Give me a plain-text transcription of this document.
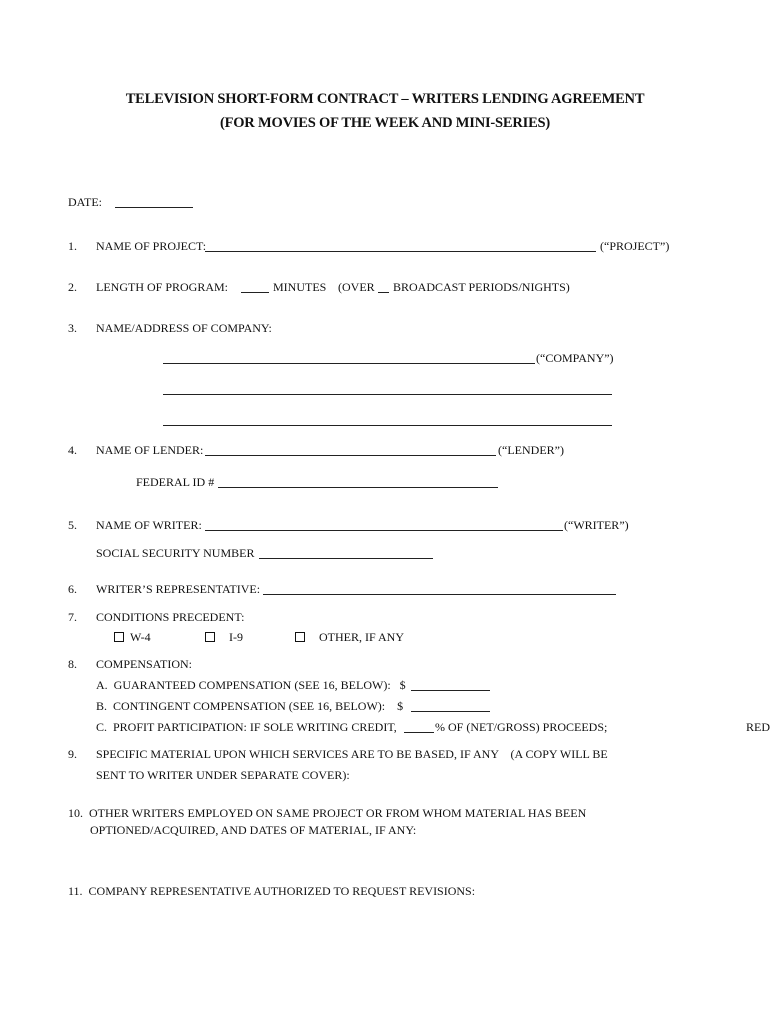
TELEVISION SHORT-FORM CONTRACT – WRITERS LENDING AGREEMENT
(FOR MOVIES OF THE WEEK AND MINI-SERIES)
DATE:
1. NAME OF PROJECT:	(“PROJECT”)
2. LENGTH OF PROGRAM:	MINUTES (OVER BROADCAST PERIODS/NIGHTS)
3. NAME/ADDRESS OF COMPANY:
(“COMPANY”)
4. NAME OF LENDER:	(“LENDER”)
FEDERAL ID #
5. NAME OF WRITER:	(“WRITER”)
SOCIAL SECURITY NUMBER
6. WRITER’S REPRESENTATIVE:
7. CONDITIONS PRECEDENT:
W-4	I-9	OTHER, IF ANY
8. COMPENSATION:
A.  GUARANTEED COMPENSATION (SEE 16, BELOW):   $
B.  CONTINGENT COMPENSATION (SEE 16, BELOW):    $
C.  PROFIT PARTICIPATION: IF SOLE WRITING CREDIT,	% OF (NET/GROSS) PROCEEDS;	RED
9. SPECIFIC MATERIAL UPON WHICH SERVICES ARE TO BE BASED, IF ANY    (A COPY WILL BE
SENT TO WRITER UNDER SEPARATE COVER):
10.  OTHER WRITERS EMPLOYED ON SAME PROJECT OR FROM WHOM MATERIAL HAS BEEN
OPTIONED/ACQUIRED, AND DATES OF MATERIAL, IF ANY:
11.  COMPANY REPRESENTATIVE AUTHORIZED TO REQUEST REVISIONS:
